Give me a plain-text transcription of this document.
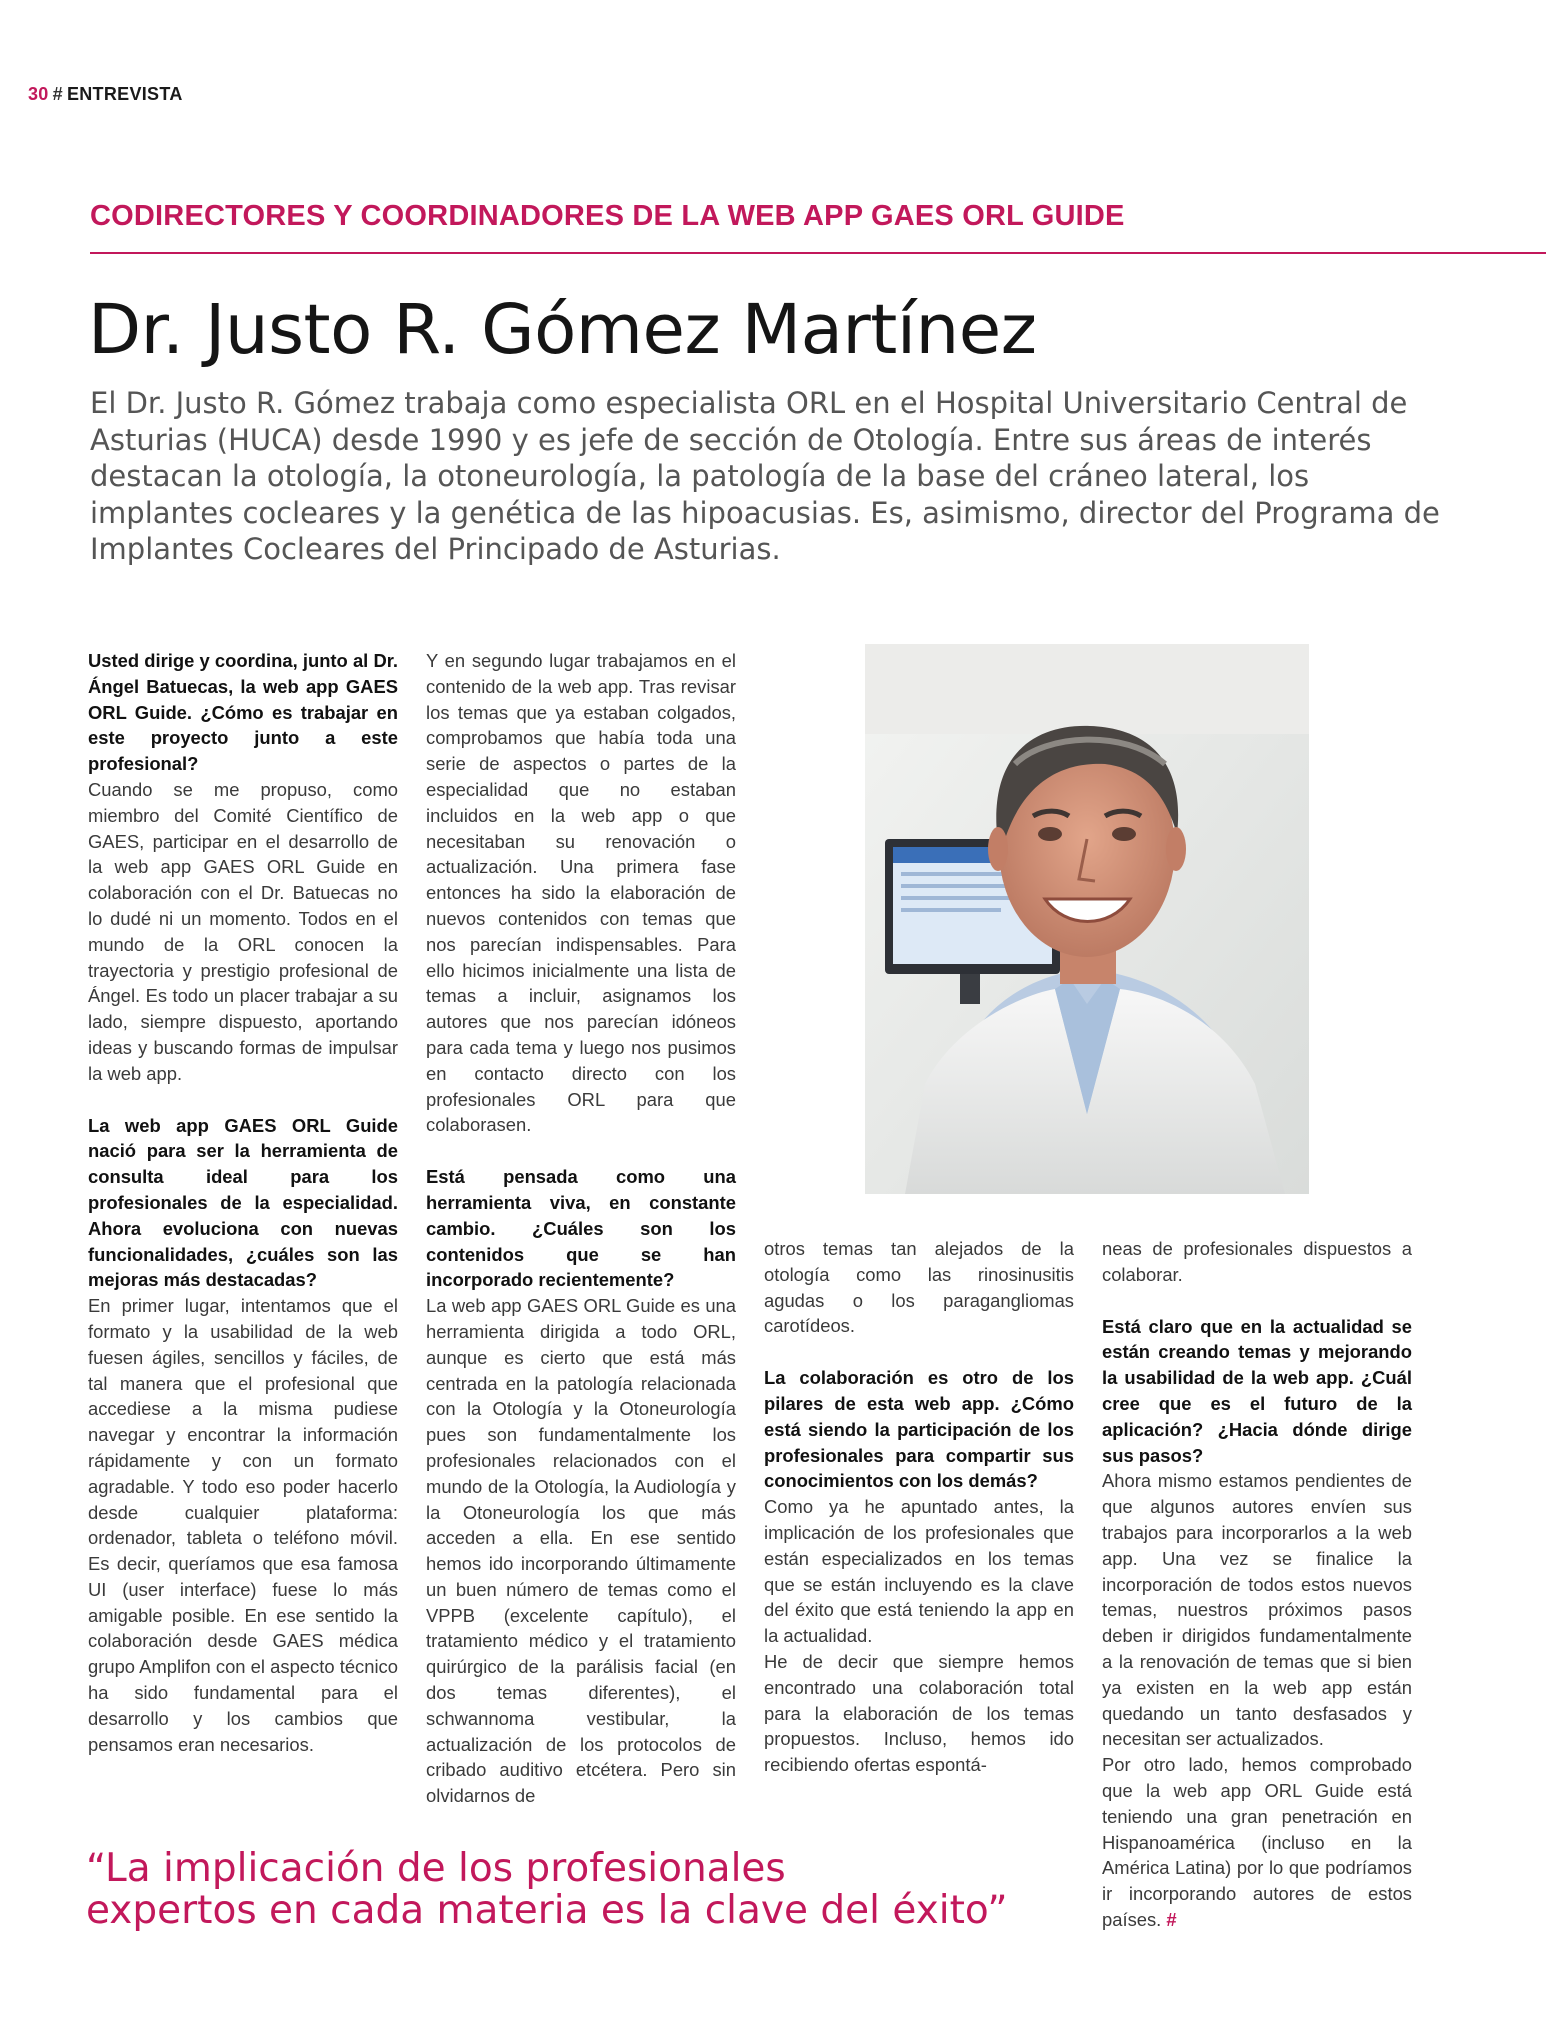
30 # ENTREVISTA
CODIRECTORES Y COORDINADORES DE LA WEB APP GAES ORL GUIDE
Dr. Justo R. Gómez Martínez
El Dr. Justo R. Gómez trabaja como especialista ORL en el Hospital Universitario Central de
Asturias (HUCA) desde 1990 y es jefe de sección de Otología. Entre sus áreas de interés
destacan la otología, la otoneurología, la patología de la base del cráneo lateral, los
implantes cocleares y la genética de las hipoacusias. Es, asimismo, director del Programa de
Implantes Cocleares del Principado de Asturias.

Usted dirige y coordina, junto al Dr. Ángel Batuecas, la web app GAES ORL Guide. ¿Cómo es trabajar en este proyecto junto a este profesional?

Cuando se me propuso, como miembro del Comité Científico de GAES, participar en el desarrollo de la web app GAES ORL Guide en colaboración con el Dr. Batuecas no lo dudé ni un momento. Todos en el mundo de la ORL conocen la trayectoria y prestigio profesional de Ángel. Es todo un placer trabajar a su lado, siempre dispuesto, aportando ideas y buscando formas de impulsar la web app.

La web app GAES ORL Guide nació para ser la herramienta de consulta ideal para los profesionales de la especialidad. Ahora evoluciona con nuevas funcionalidades, ¿cuáles son las mejoras más destacadas?

En primer lugar, intentamos que el formato y la usabilidad de la web fuesen ágiles, sencillos y fáciles, de tal manera que el profesional que accediese a la misma pudiese navegar y encontrar la información rápidamente y con un formato agradable. Y todo eso poder hacerlo desde cualquier plataforma: ordenador, tableta o teléfono móvil. Es decir, queríamos que esa famosa UI (user interface) fuese lo más amigable posible. En ese sentido la colaboración desde GAES médica grupo Amplifon con el aspecto técnico ha sido fundamental para el desarrollo y los cambios que pensamos eran necesarios.

Y en segundo lugar trabajamos en el contenido de la web app. Tras revisar los temas que ya estaban colgados, comprobamos que había toda una serie de aspectos o partes de la especialidad que no estaban incluidos en la web app o que necesitaban su renovación o actualización. Una primera fase entonces ha sido la elaboración de nuevos contenidos con temas que nos parecían indispensables. Para ello hicimos inicialmente una lista de temas a incluir, asignamos los autores que nos parecían idóneos para cada tema y luego nos pusimos en contacto directo con los profesionales ORL para que colaborasen.

Está pensada como una herramienta viva, en constante cambio. ¿Cuáles son los contenidos que se han incorporado recientemente?

La web app GAES ORL Guide es una herramienta dirigida a todo ORL, aunque es cierto que está más centrada en la patología relacionada con la Otología y la Otoneurología pues son fundamentalmente los profesionales relacionados con el mundo de la Otología, la Audiología y la Otoneurología los que más acceden a ella. En ese sentido hemos ido incorporando últimamente un buen número de temas como el VPPB (excelente capítulo), el tratamiento médico y el tratamiento quirúrgico de la parálisis facial (en dos temas diferentes), el schwannoma vestibular, la actualización de los protocolos de cribado auditivo etcétera. Pero sin olvidarnos de

otros temas tan alejados de la otología como las rinosinusitis agudas o los paragangliomas carotídeos.

La colaboración es otro de los pilares de esta web app. ¿Cómo está siendo la participación de los profesionales para compartir sus conocimientos con los demás?

Como ya he apuntado antes, la implicación de los profesionales que están especializados en los temas que se están incluyendo es la clave del éxito que está teniendo la app en la actualidad.

He de decir que siempre hemos encontrado una colaboración total para la elaboración de los temas propuestos. Incluso, hemos ido recibiendo ofertas espontá-

neas de profesionales dispuestos a colaborar.

Está claro que en la actualidad se están creando temas y mejorando la usabilidad de la web app. ¿Cuál cree que es el futuro de la aplicación? ¿Hacia dónde dirige sus pasos?

Ahora mismo estamos pendientes de que algunos autores envíen sus trabajos para incorporarlos a la web app. Una vez se finalice la incorporación de todos estos nuevos temas, nuestros próximos pasos deben ir dirigidos fundamentalmente a la renovación de temas que si bien ya existen en la web app están quedando un tanto desfasados y necesitan ser actualizados.

Por otro lado, hemos comprobado que la web app ORL Guide está teniendo una gran penetración en Hispanoamérica (incluso en la América Latina) por lo que podríamos ir incorporando autores de estos países. #

“La implicación de los profesionales
expertos en cada materia es la clave del éxito”
